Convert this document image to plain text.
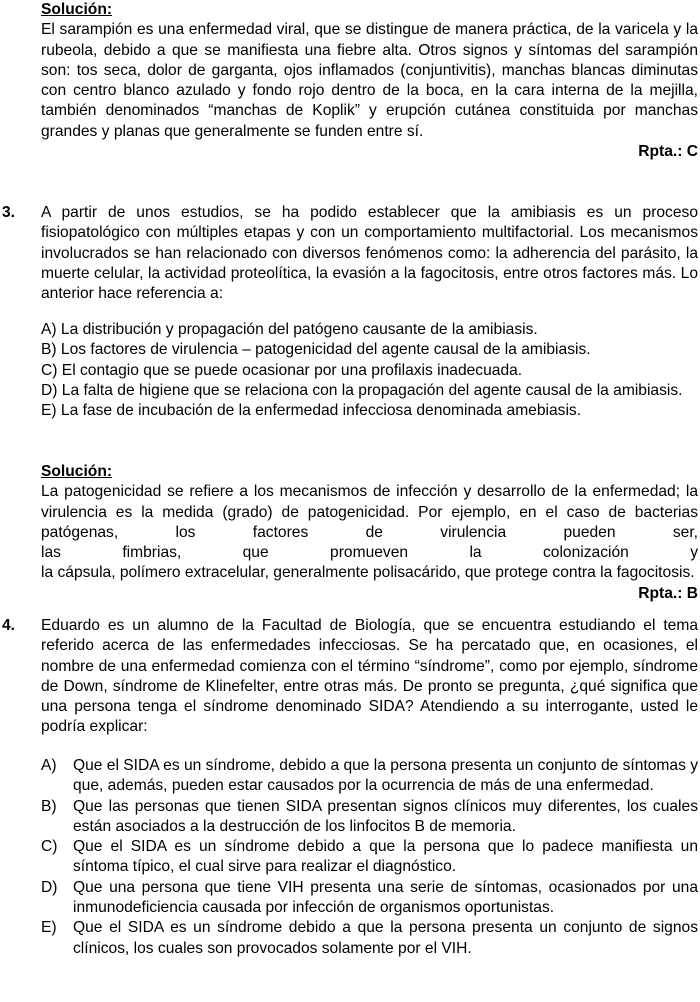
Solución:
El sarampión es una enfermedad viral, que se distingue de manera práctica, de la varicela y la rubeola, debido a que se manifiesta una fiebre alta. Otros signos y síntomas del sarampión son: tos seca, dolor de garganta, ojos inflamados (conjuntivitis), manchas blancas diminutas con centro blanco azulado y fondo rojo dentro de la boca, en la cara interna de la mejilla, también denominados “manchas de Koplik” y erupción cutánea constituida por manchas grandes y planas que generalmente se funden entre sí.
Rpta.: C
3. A partir de unos estudios, se ha podido establecer que la amibiasis es un proceso fisiopatológico con múltiples etapas y con un comportamiento multifactorial. Los mecanismos involucrados se han relacionado con diversos fenómenos como: la adherencia del parásito, la muerte celular, la actividad proteolítica, la evasión a la fagocitosis, entre otros factores más. Lo anterior hace referencia a:
A) La distribución y propagación del patógeno causante de la amibiasis.
B) Los factores de virulencia – patogenicidad del agente causal de la amibiasis.
C) El contagio que se puede ocasionar por una profilaxis inadecuada.
D) La falta de higiene que se relaciona con la propagación del agente causal de la amibiasis.
E) La fase de incubación de la enfermedad infecciosa denominada amebiasis.
Solución:
La patogenicidad se refiere a los mecanismos de infección y desarrollo de la enfermedad; la virulencia es la medida (grado) de patogenicidad. Por ejemplo, en el caso de bacterias patógenas, los factores de virulencia pueden ser,
las fimbrias, que promueven la colonización y
la cápsula, polímero extracelular, generalmente polisacárido, que protege contra la fagocitosis.
Rpta.: B
4. Eduardo es un alumno de la Facultad de Biología, que se encuentra estudiando el tema referido acerca de las enfermedades infecciosas. Se ha percatado que, en ocasiones, el nombre de una enfermedad comienza con el término “síndrome”, como por ejemplo, síndrome de Down, síndrome de Klinefelter, entre otras más. De pronto se pregunta, ¿qué significa que una persona tenga el síndrome denominado SIDA? Atendiendo a su interrogante, usted le podría explicar:
A)	Que el SIDA es un síndrome, debido a que la persona presenta un conjunto de síntomas y que, además, pueden estar causados por la ocurrencia de más de una enfermedad.
B)	Que las personas que tienen SIDA presentan signos clínicos muy diferentes, los cuales están asociados a la destrucción de los linfocitos B de memoria.
C) Que el SIDA es un síndrome debido a que la persona que lo padece manifiesta un síntoma típico, el cual sirve para realizar el diagnóstico.
D) Que una persona que tiene VIH presenta una serie de síntomas, ocasionados por una inmunodeficiencia causada por infección de organismos oportunistas.
E)	Que el SIDA es un síndrome debido a que la persona presenta un conjunto de signos clínicos, los cuales son provocados solamente por el VIH.
